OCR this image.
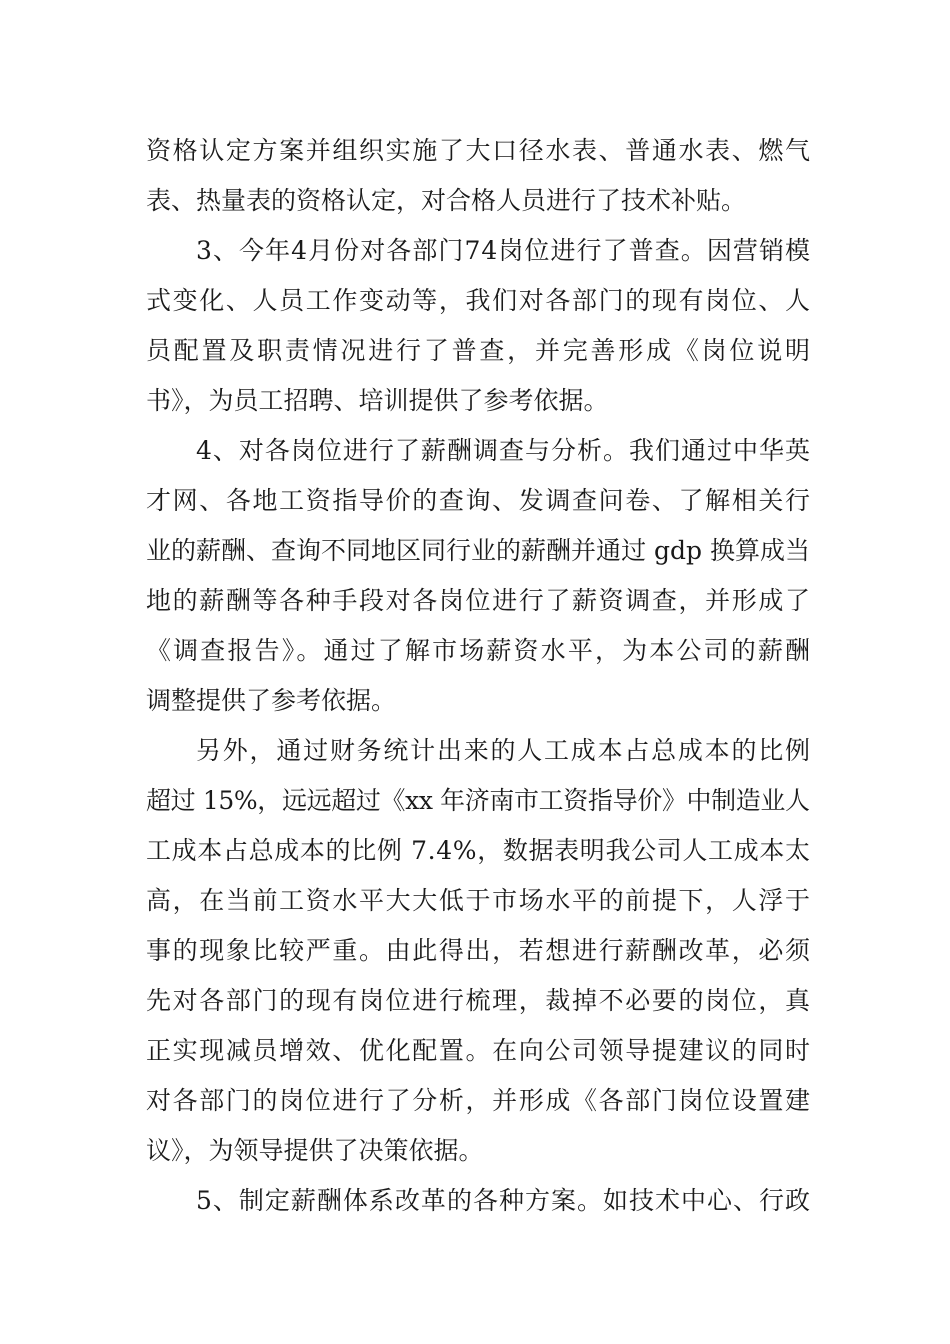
资格认定方案并组织实施了大口径水表、普通水表、燃气
表、热量表的资格认定，对合格人员进行了技术补贴。
3、今年4月份对各部门74岗位进行了普查。因营销模
式变化、人员工作变动等，我们对各部门的现有岗位、人
员配置及职责情况进行了普查，并完善形成《岗位说明
书》，为员工招聘、培训提供了参考依据。
4、对各岗位进行了薪酬调查与分析。我们通过中华英
才网、各地工资指导价的查询、发调查问卷、了解相关行
业的薪酬、查询不同地区同行业的薪酬并通过 gdp 换算成当
地的薪酬等各种手段对各岗位进行了薪资调查，并形成了
《调查报告》。通过了解市场薪资水平，为本公司的薪酬
调整提供了参考依据。
另外，通过财务统计出来的人工成本占总成本的比例
超过 15%，远远超过《xx 年济南市工资指导价》中制造业人
工成本占总成本的比例 7.4%，数据表明我公司人工成本太
高，在当前工资水平大大低于市场水平的前提下，人浮于
事的现象比较严重。由此得出，若想进行薪酬改革，必须
先对各部门的现有岗位进行梳理，裁掉不必要的岗位，真
正实现减员增效、优化配置。在向公司领导提建议的同时
对各部门的岗位进行了分析，并形成《各部门岗位设置建
议》，为领导提供了决策依据。
5、制定薪酬体系改革的各种方案。如技术中心、行政
